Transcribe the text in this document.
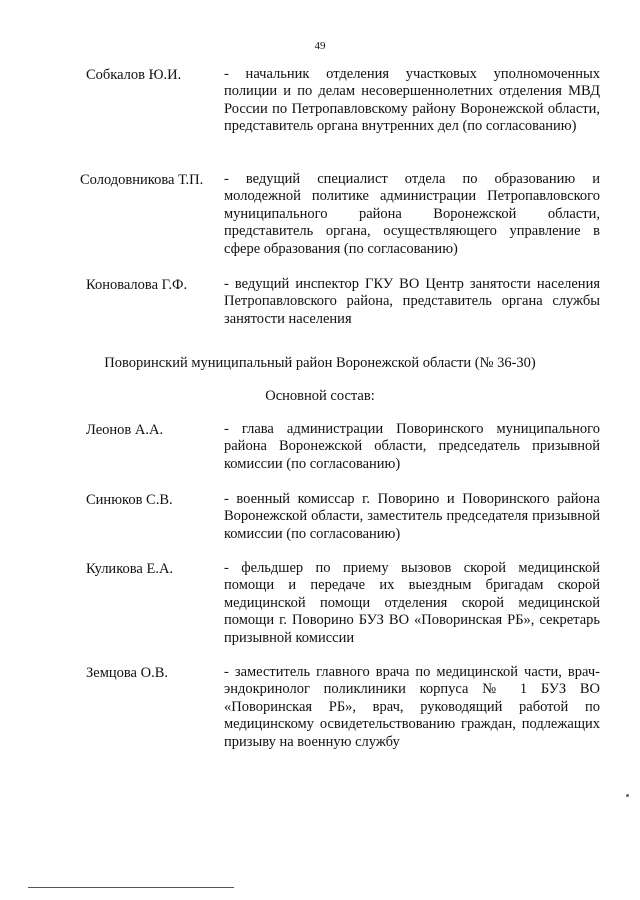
49
Собкалов Ю.И.	- начальник отделения участковых уполномоченных полиции и по делам несовершеннолетних отделения МВД России по Петропавловскому району Воронежской области, представитель органа внутренних дел (по согласованию)
Солодовникова Т.П. - ведущий специалист отдела по образованию и молодежной политике администрации Петропавловского муниципального района Воронежской области, представитель органа, осуществляющего управление в сфере образования (по согласованию)
Коновалова Г.Ф.	- ведущий инспектор ГКУ ВО Центр занятости населения Петропавловского района, представитель органа службы занятости населения
Поворинский муниципальный район Воронежской области (№ 36-30)
Основной состав:
Леонов А.А.	- глава администрации Поворинского муниципального района Воронежской области, председатель призывной комиссии (по согласованию)
Синюков С.В.	- военный комиссар г. Поворино и Поворинского района Воронежской области, заместитель председателя призывной комиссии (по согласованию)
Куликова Е.А.	- фельдшер по приему вызовов скорой медицинской помощи и передаче их выездным бригадам скорой медицинской помощи отделения скорой медицинской помощи г. Поворино БУЗ ВО «Поворинская РБ», секретарь призывной комиссии
Земцова О.В.	- заместитель главного врача по медицинской части, врач-эндокринолог поликлиники корпуса № 1 БУЗ ВО «Поворинская РБ», врач, руководящий работой по медицинскому освидетельствованию граждан, подлежащих призыву на военную службу
